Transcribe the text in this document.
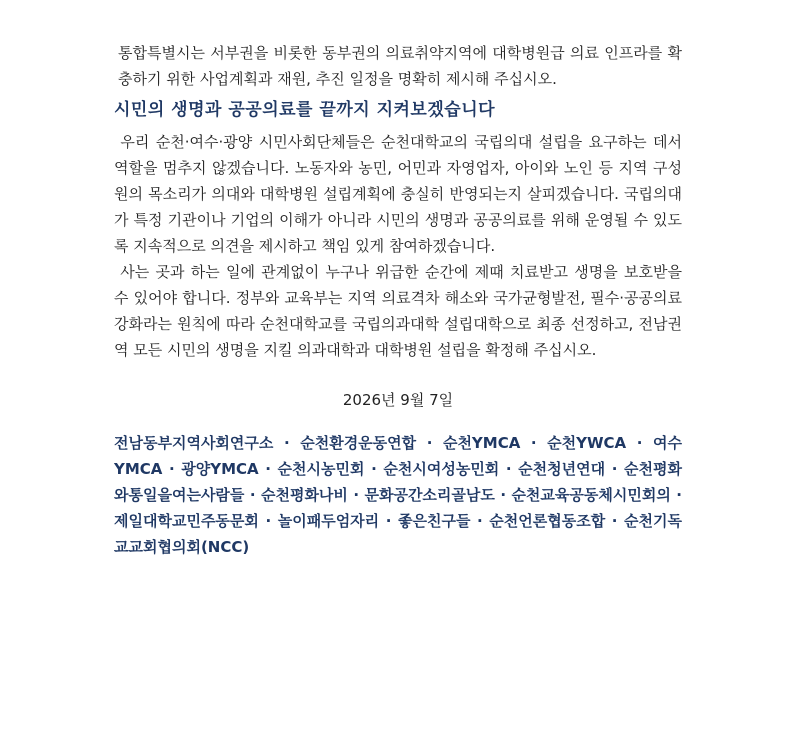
통합특별시는 서부권을 비롯한 동부권의 의료취약지역에 대학병원급 의료 인프라를 확충하기 위한 사업계획과 재원, 추진 일정을 명확히 제시해 주십시오.

시민의 생명과 공공의료를 끝까지 지켜보겠습니다

우리 순천·여수·광양 시민사회단체들은 순천대학교의 국립의대 설립을 요구하는 데서 역할을 멈추지 않겠습니다. 노동자와 농민, 어민과 자영업자, 아이와 노인 등 지역 구성원의 목소리가 의대와 대학병원 설립계획에 충실히 반영되는지 살피겠습니다. 국립의대가 특정 기관이나 기업의 이해가 아니라 시민의 생명과 공공의료를 위해 운영될 수 있도록 지속적으로 의견을 제시하고 책임 있게 참여하겠습니다.

사는 곳과 하는 일에 관계없이 누구나 위급한 순간에 제때 치료받고 생명을 보호받을 수 있어야 합니다. 정부와 교육부는 지역 의료격차 해소와 국가균형발전, 필수·공공의료 강화라는 원칙에 따라 순천대학교를 국립의과대학 설립대학으로 최종 선정하고, 전남권역 모든 시민의 생명을 지킬 의과대학과 대학병원 설립을 확정해 주십시오.

2026년 9월 7일
전남동부지역사회연구소 · 순천환경운동연합 · 순천YMCA · 순천YWCA · 여수YMCA · 광양YMCA · 순천시농민회 · 순천시여성농민회 · 순천청년연대 · 순천평화와통일을여는사람들 · 순천평화나비 · 문화공간소리골남도 · 순천교육공동체시민회의 · 제일대학교민주동문회 · 놀이패두엄자리 · 좋은친구들 · 순천언론협동조합 · 순천기독교교회협의회(NCC)
